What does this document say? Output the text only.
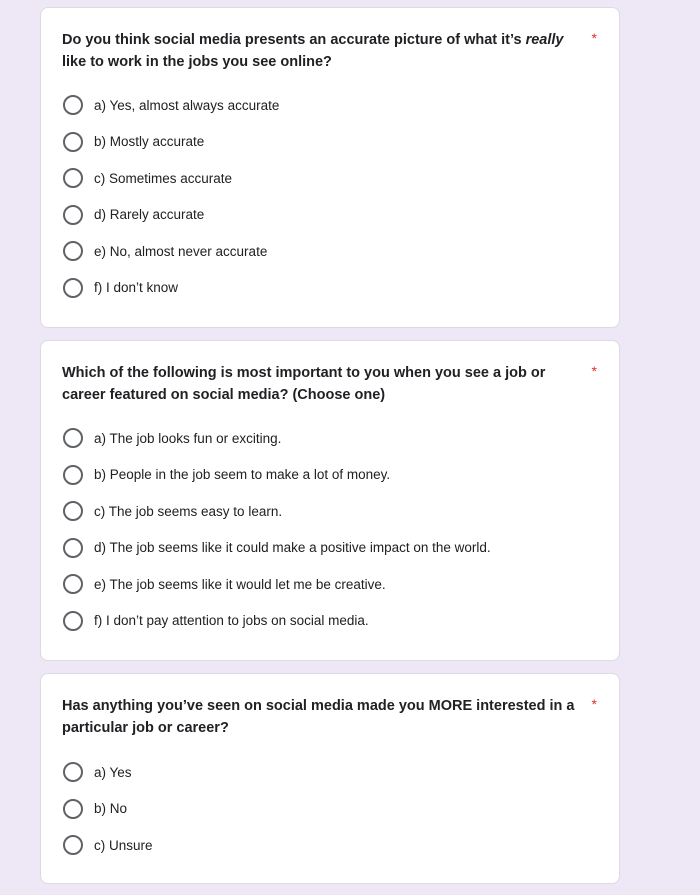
Do you think social media presents an accurate picture of what it’s really like to work in the jobs you see online?
*
a) Yes, almost always accurate
b) Mostly accurate
c) Sometimes accurate
d) Rarely accurate
e) No, almost never accurate
f) I don’t know
Which of the following is most important to you when you see a job or career featured on social media? (Choose one)
*
a) The job looks fun or exciting.
b) People in the job seem to make a lot of money.
c) The job seems easy to learn.
d) The job seems like it could make a positive impact on the world.
e) The job seems like it would let me be creative.
f) I don’t pay attention to jobs on social media.
Has anything you’ve seen on social media made you MORE interested in a particular job or career?
*
a) Yes
b) No
c) Unsure
